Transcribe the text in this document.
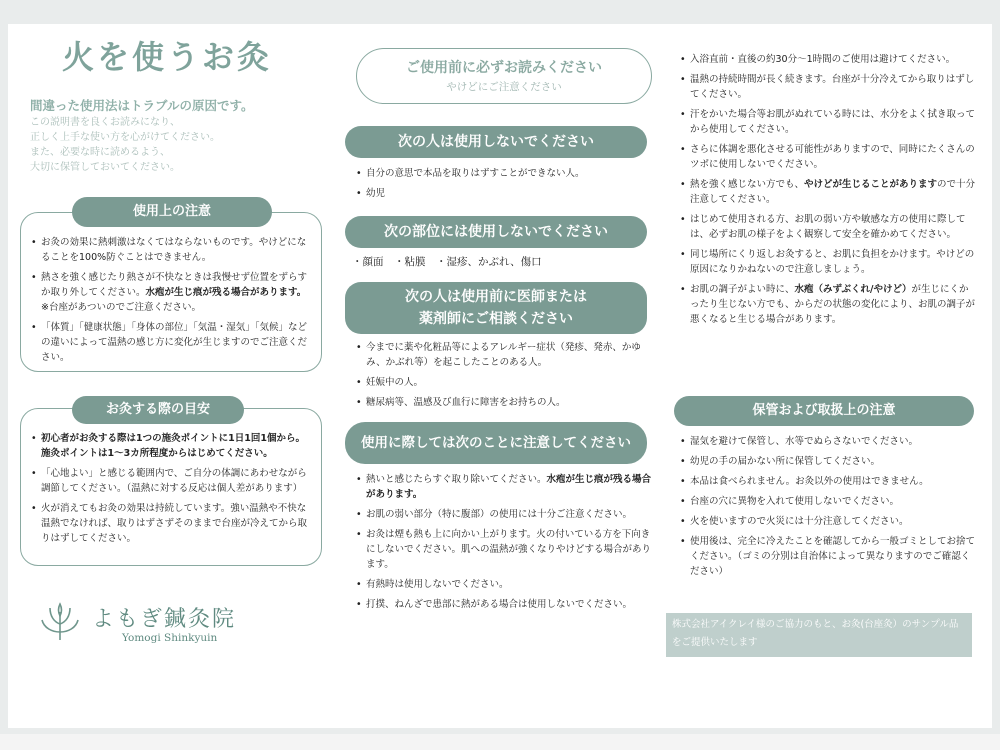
火を使うお灸
間違った使用法はトラブルの原因です。
この説明書を良くお読みになり、
正しく上手な使い方を心がけてください。
また、必要な時に読めるよう、
大切に保管しておいてください。
• お灸の効果に熱刺激はなくてはならないものです。やけどになることを100%防ぐことはできません。
• 熱さを強く感じたり熱さが不快なときは我慢せず位置をずらすか取り外してください。水疱が生じ痕が残る場合があります。※台座があついのでご注意ください。
• 「体質」「健康状態」「身体の部位」「気温・湿気」「気候」などの違いによって温熱の感じ方に変化が生じますのでご注意ください。
使用上の注意
• 初心者がお灸する際は1つの施灸ポイントに1日1回1個から。施灸ポイントは1〜3カ所程度からはじめてください。
• 「心地よい」と感じる範囲内で、ご自分の体調にあわせながら調節してください。（温熱に対する反応は個人差があります）
• 火が消えてもお灸の効果は持続しています。強い温熱や不快な温熱でなければ、取りはずさずそのままで台座が冷えてから取りはずしてください。
お灸する際の目安
よもぎ鍼灸院
Yomogi Shinkyuin
ご使用前に必ずお読みください
やけどにご注意ください
次の人は使用しないでください
• 自分の意思で本品を取りはずすことができない人。
• 幼児
次の部位には使用しないでください
・顔面　・粘膜　・湿疹、かぶれ、傷口
次の人は使用前に医師または
薬剤師にご相談ください
• 今までに薬や化粧品等によるアレルギー症状（発疹、発赤、かゆみ、かぶれ等）を起こしたことのある人。
• 妊娠中の人。
• 糖尿病等、温感及び血行に障害をお持ちの人。
使用に際しては次のことに注意してください
• 熱いと感じたらすぐ取り除いてください。水疱が生じ痕が残る場合があります。
• お肌の弱い部分（特に腹部）の使用には十分ご注意ください。
• お灸は煙も熱も上に向かい上がります。火の付いている方を下向きにしないでください。肌への温熱が強くなりやけどする場合があります。
• 有熱時は使用しないでください。
• 打撲、ねんざで患部に熱がある場合は使用しないでください。
• 入浴直前・直後の約30分〜1時間のご使用は避けてください。
• 温熱の持続時間が長く続きます。台座が十分冷えてから取りはずしてください。
• 汗をかいた場合等お肌がぬれている時には、水分をよく拭き取ってから使用してください。
• さらに体調を悪化させる可能性がありますので、同時にたくさんのツボに使用しないでください。
• 熱を強く感じない方でも、やけどが生じることがありますので十分注意してください。
• はじめて使用される方、お肌の弱い方や敏感な方の使用に際しては、必ずお肌の様子をよく観察して安全を確かめてください。
• 同じ場所にくり返しお灸すると、お肌に負担をかけます。やけどの原因になりかねないので注意しましょう。
• お肌の調子がよい時に、水疱（みずぶくれ/やけど）が生じにくかったり生じない方でも、からだの状態の変化により、お肌の調子が悪くなると生じる場合があります。
保管および取扱上の注意
• 湿気を避けて保管し、水等でぬらさないでください。
• 幼児の手の届かない所に保管してください。
• 本品は食べられません。お灸以外の使用はできません。
• 台座の穴に異物を入れて使用しないでください。
• 火を使いますので火災には十分注意してください。
• 使用後は、完全に冷えたことを確認してから一般ゴミとしてお捨てください。（ゴミの分別は自治体によって異なりますのでご確認ください）
株式会社アイクレイ様のご協力のもと、お灸(台座灸）のサンプル品をご提供いたします
